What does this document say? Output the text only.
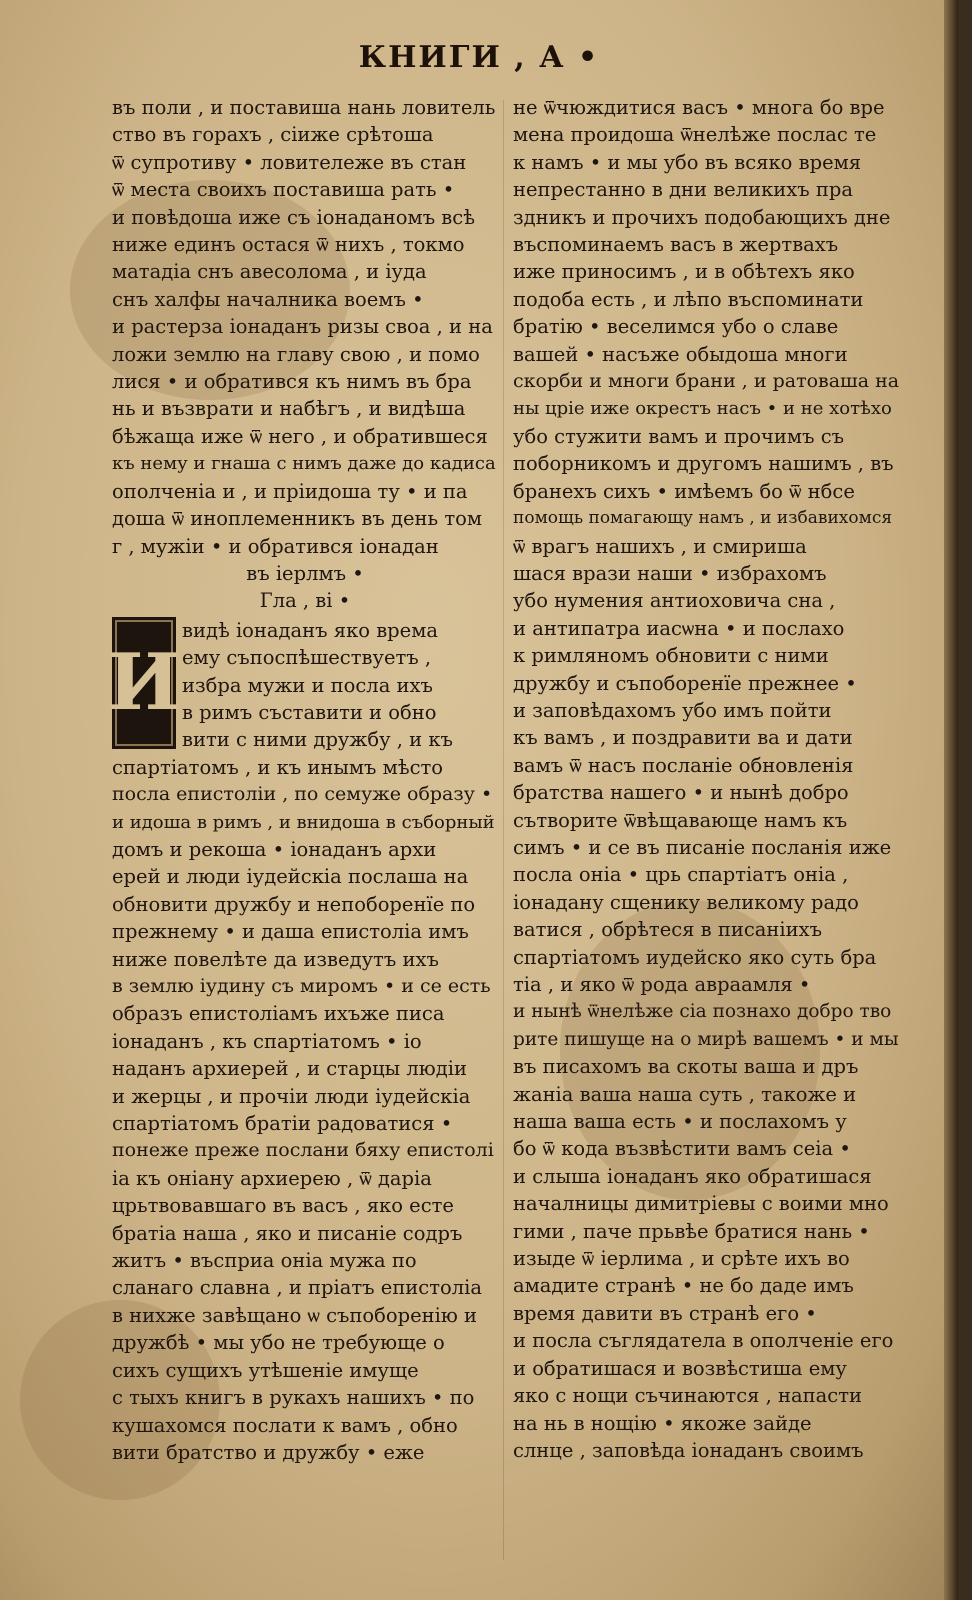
КНИГИ , А •
въ поли , и поставиша нань ловитель
ство въ горахъ , сіиже срѣтоша
ѿ супротиву • ловитележе въ стан
ѿ места своихъ поставиша рать •
и повѣдоша иже съ іонаданомъ всѣ
ниже единъ остася ѿ нихъ , токмо
матадіа снъ авесолома , и іуда
снъ халфы началника воемъ •
и растерза іонаданъ ризы своа , и на
ложи землю на главу свою , и помо
лися • и обратився къ нимъ въ бра
нь и възврати и набѣгъ , и видѣша
бѣжаща иже ѿ него , и обратившеся
къ нему и гнаша с нимъ даже до кадиса
ополченіа и , и пріидоша ту • и па
доша ѿ иноплеменникъ въ день том
г , мужіи • и обратився іонадан
въ іерлмъ •
Гла , ві •
И
видѣ іонаданъ яко врема
ему съпоспѣшествуетъ ,
избра мужи и посла ихъ
в римъ съставити и обно
вити с ними дружбу , и къ
спартіатомъ , и къ инымъ мѣсто
посла епистоліи , по семуже образу •
и идоша в римъ , и внидоша в съборный
домъ и рекоша • іонаданъ архи
ерей и люди іудейскіа послаша на
обновити дружбу и непоборенїе по
прежнему • и даша епистоліа имъ
ниже повелѣте да изведутъ ихъ
в землю іудину съ миромъ • и се есть
образъ епистоліамъ ихъже писа
іонаданъ , къ спартіатомъ • іо
наданъ архиерей , и старцы людіи
и жерцы , и прочіи люди іудейскіа
спартіатомъ братіи радоватися •
понеже преже послани бяху епистолі
іа къ оніану архиерею , ѿ даріа
црьтвовавшаго въ васъ , яко есте
братіа наша , яко и писаніе содръ
житъ • въсприа оніа мужа по
сланаго славна , и пріатъ епистоліа
в нихже завѣщано ѡ съпоборенію и
дружбѣ • мы убо не требующе о
сихъ сущихъ утѣшеніе имуще
с тыхъ книгъ в рукахъ нашихъ • по
кушахомся послати к вамъ , обно
вити братство и дружбу • еже
не ѿчюждитися васъ • многа бо вре
мена проидоша ѿнелѣже послас те
к намъ • и мы убо въ всяко время
непрестанно в дни великихъ пра
здникъ и прочихъ подобающихъ дне
въспоминаемъ васъ в жертвахъ
иже приносимъ , и в обѣтехъ яко
подоба есть , и лѣпо въспоминати
братію • веселимся убо о славе
вашей • насъже обыдоша многи
скорби и многи брани , и ратоваша на
ны цріе иже окрестъ насъ • и не хотѣхо
убо стужити вамъ и прочимъ съ
поборникомъ и другомъ нашимъ , въ
бранехъ сихъ • имѣемъ бо ѿ нбсе
помощь помагающу намъ , и избавихомся
ѿ врагъ нашихъ , и смириша
шася врази наши • избрахомъ
убо нумения антиоховича сна ,
и антипатра иасѡна • и послахо
к римляномъ обновити с ними
дружбу и съпоборенїе прежнее •
и заповѣдахомъ убо имъ пойти
къ вамъ , и поздравити ва и дати
вамъ ѿ насъ посланіе обновленія
братства нашего • и нынѣ добро
сътворите ѿвѣщавающе намъ къ
симъ • и се въ писаніе посланія иже
посла оніа • црь спартіатъ оніа ,
іонадану сщенику великому радо
ватися , обрѣтеся в писаніихъ
спартіатомъ иудейско яко суть бра
тіа , и яко ѿ рода авраамля •
и нынѣ ѿнелѣже сіа познахо добро тво
рите пишуще на о мирѣ вашемъ • и мы
въ писахомъ ва скоты ваша и дръ
жаніа ваша наша суть , такоже и
наша ваша есть • и послахомъ у
бо ѿ кода възвѣстити вамъ сеіа •
и слыша іонаданъ яко обратишася
началницы димитріевы с воими мно
гими , паче прьвѣе братися нань •
изыде ѿ іерлима , и срѣте ихъ во
амадите странѣ • не бо даде имъ
время давити въ странѣ его •
и посла съглядатела в ополченіе его
и обратишася и возвѣстиша ему
яко с нощи съчинаются , напасти
на нь в нощію • якоже зайде
слнце , заповѣда іонаданъ своимъ
